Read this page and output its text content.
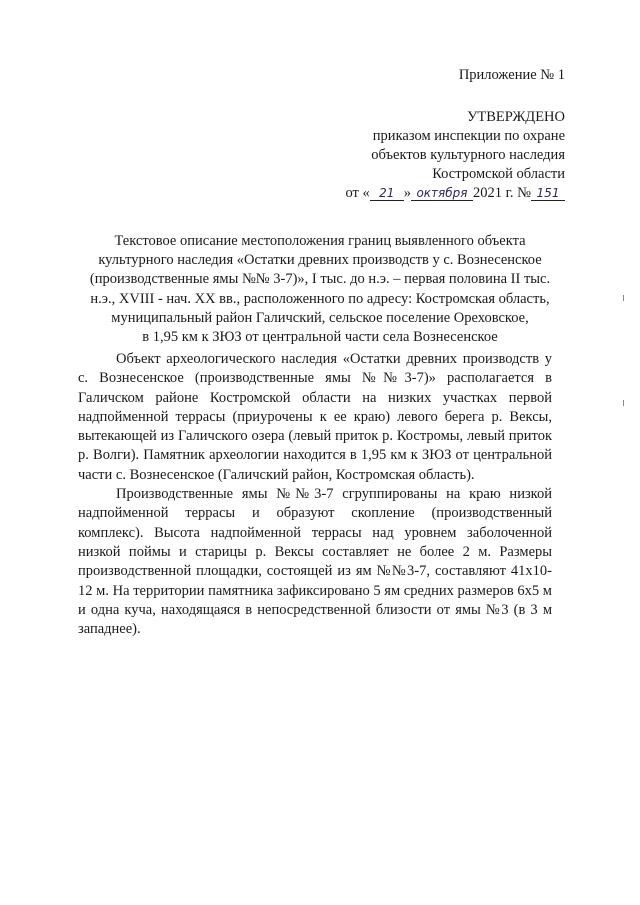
Приложение № 1
УТВЕРЖДЕНО
приказом инспекции по охране
объектов культурного наследия
Костромской области
от « 21 » октября 2021 г. № 151
Текстовое описание местоположения границ выявленного объекта
культурного наследия «Остатки древних производств у с. Вознесенское
(производственные ямы №№ 3-7)», I тыс. до н.э. – первая половина II тыс.
н.э., XVIII - нач. XX вв., расположенного по адресу: Костромская область,
муниципальный район Галичский, сельское поселение Ореховское,
в 1,95 км к ЗЮЗ от центральной части села Вознесенское

Объект археологического наследия «Остатки древних производств у с. Вознесенское (производственные ямы №№3-7)» располагается в Галичском районе Костромской области на низких участках первой надпойменной террасы (приурочены к ее краю) левого берега р. Вексы, вытекающей из Галичского озера (левый приток р. Костромы, левый приток р. Волги). Памятник археологии находится в 1,95 км к ЗЮЗ от центральной части с. Вознесенское (Галичский район, Костромская область).

Производственные ямы №№3-7 сгруппированы на краю низкой надпойменной террасы и образуют скопление (производственный комплекс). Высота надпойменной террасы над уровнем заболоченной низкой поймы и старицы р. Вексы составляет не более 2 м. Размеры производственной площадки, состоящей из ям №№3-7, составляют 41х10-12 м. На территории памятника зафиксировано 5 ям средних размеров 6х5 м и одна куча, находящаяся в непосредственной близости от ямы №3 (в 3 м западнее).
